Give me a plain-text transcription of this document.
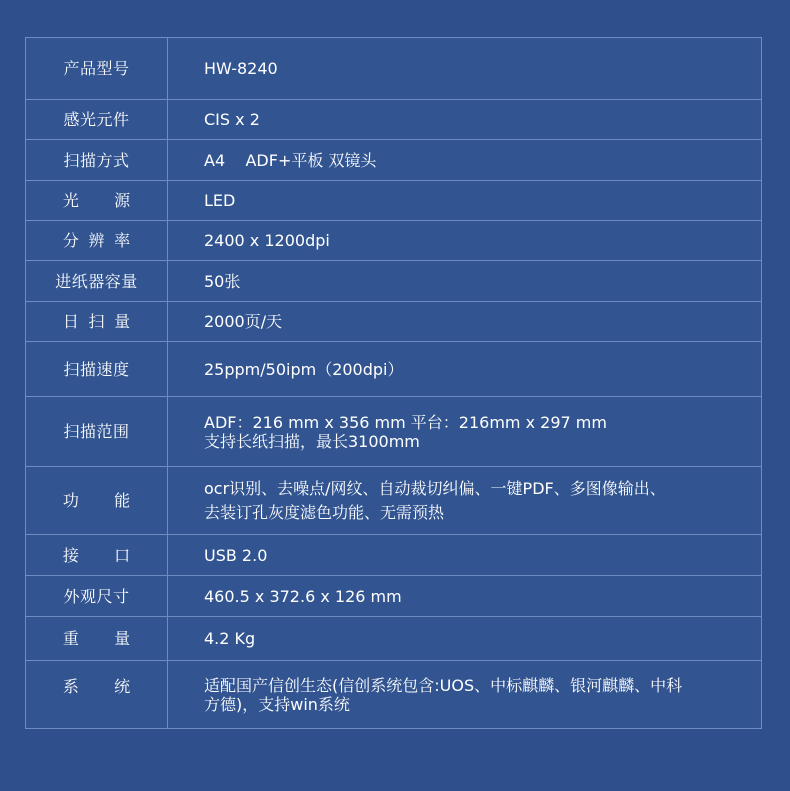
产品型号	HW-8240

感光元件	CIS x 2

扫描方式	A4    ADF+平板 双镜头

光源	LED

分辨率	2400 x 1200dpi

进纸器容量	50张

日扫量	2000页/天

扫描速度	25ppm/50ipm（200dpi）

扫描范围	ADF：216 mm x 356 mm 平台：216mm x 297 mm
支持长纸扫描，最长3100mm

功能	ocr识别、去噪点/网纹、自动裁切纠偏、一键PDF、多图像输出、
去装订孔灰度滤色功能、无需预热

接口	USB 2.0

外观尺寸	460.5 x 372.6 x 126 mm

重量	4.2 Kg

系统	适配国产信创生态(信创系统包含:UOS、中标麒麟、银河麒麟、中科
方德)，支持win系统
